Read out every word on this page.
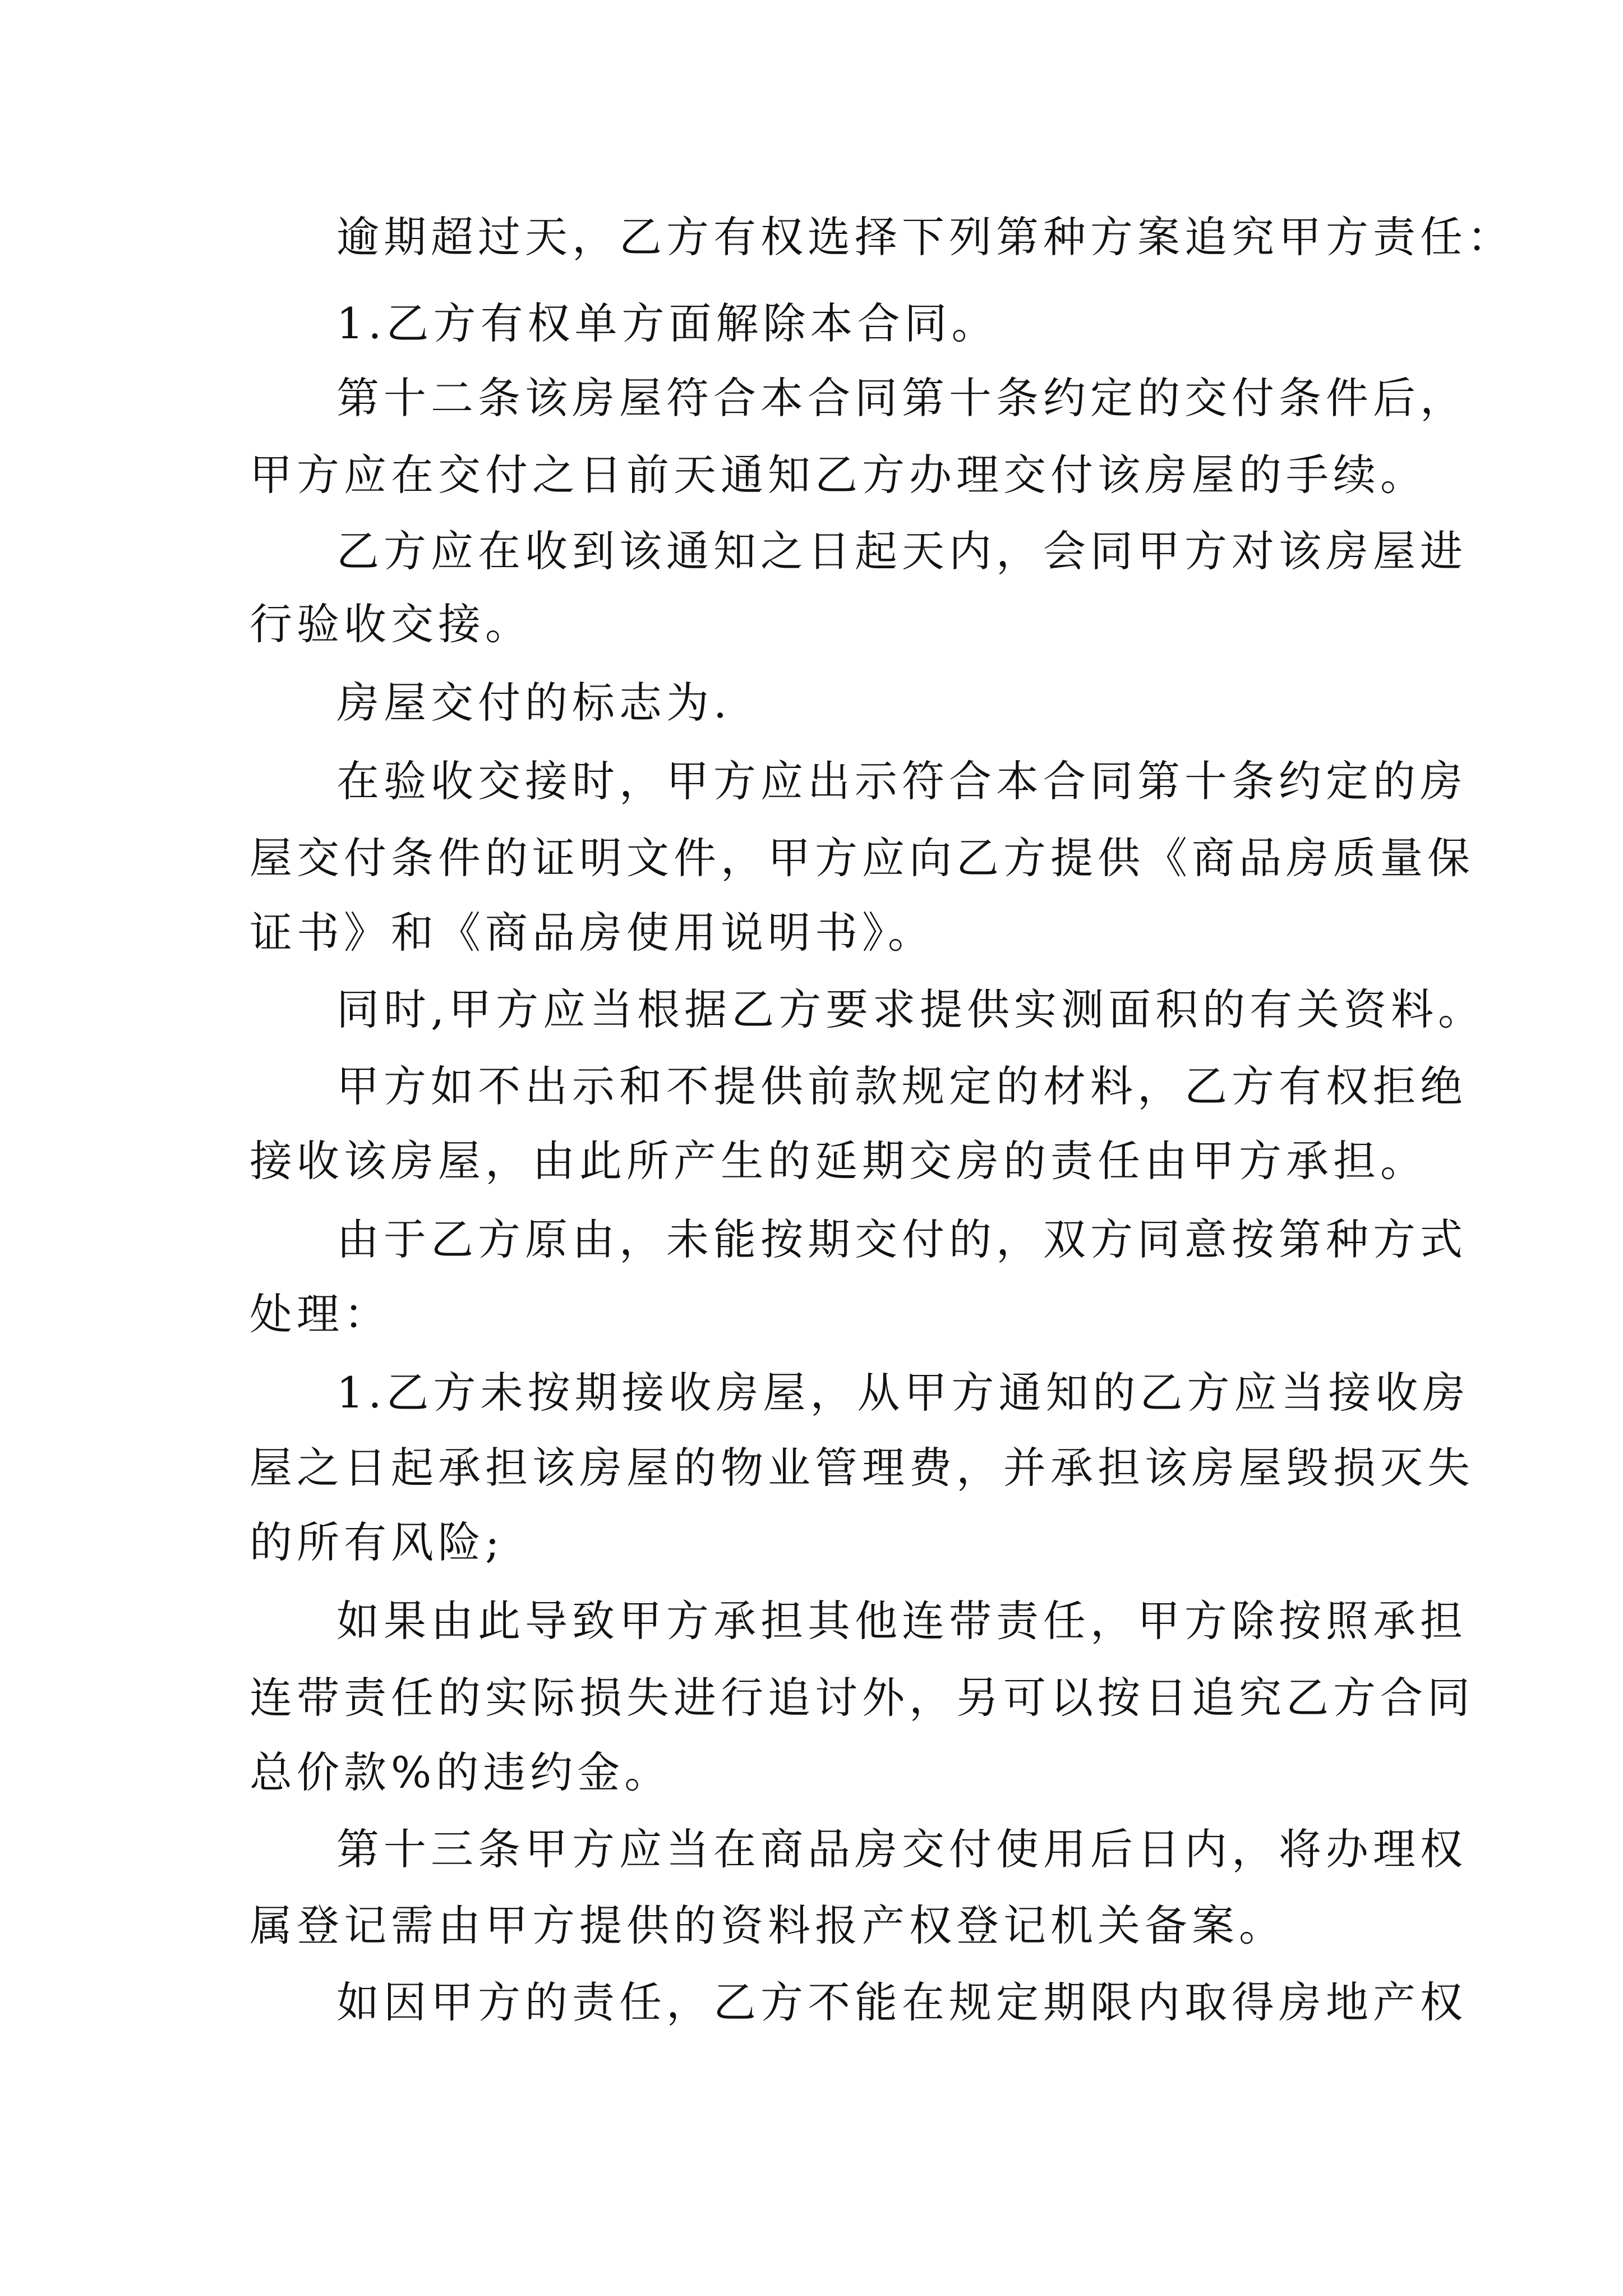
逾期超过天，乙方有权选择下列第种方案追究甲方责任：

1.乙方有权单方面解除本合同。

第十二条该房屋符合本合同第十条约定的交付条件后，

甲方应在交付之日前天通知乙方办理交付该房屋的手续。

乙方应在收到该通知之日起天内，会同甲方对该房屋进

行验收交接。

房屋交付的标志为.

在验收交接时，甲方应出示符合本合同第十条约定的房

屋交付条件的证明文件，甲方应向乙方提供《商品房质量保

证书》和《商品房使用说明书》。

同时,甲方应当根据乙方要求提供实测面积的有关资料。

甲方如不出示和不提供前款规定的材料，乙方有权拒绝

接收该房屋，由此所产生的延期交房的责任由甲方承担。

由于乙方原由，未能按期交付的，双方同意按第种方式

处理：

1.乙方未按期接收房屋，从甲方通知的乙方应当接收房

屋之日起承担该房屋的物业管理费，并承担该房屋毁损灭失

的所有风险;

如果由此导致甲方承担其他连带责任，甲方除按照承担

连带责任的实际损失进行追讨外，另可以按日追究乙方合同

总价款%的违约金。

第十三条甲方应当在商品房交付使用后日内，将办理权

属登记需由甲方提供的资料报产权登记机关备案。

如因甲方的责任，乙方不能在规定期限内取得房地产权
